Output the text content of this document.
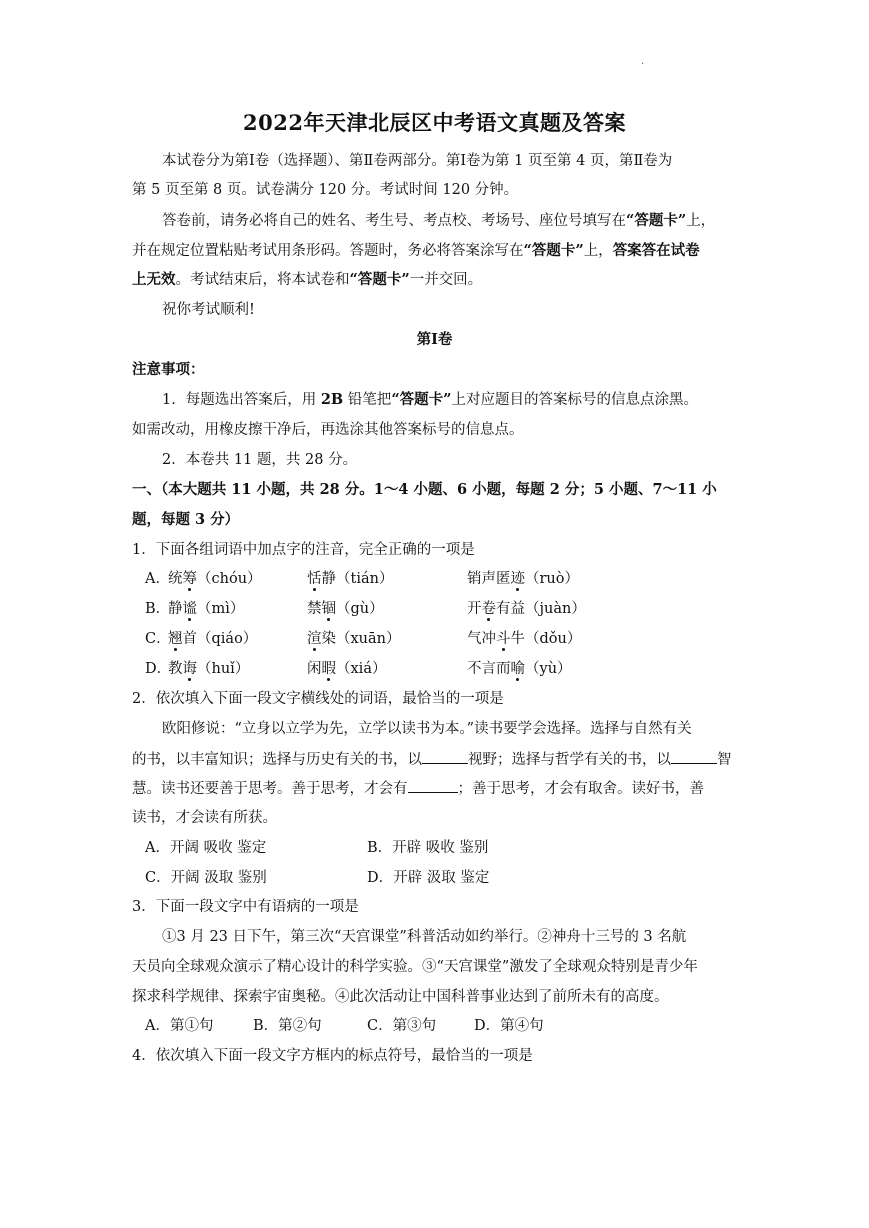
.
2022年天津北辰区中考语文真题及答案
本试卷分为第Ⅰ卷（选择题）、第Ⅱ卷两部分。第Ⅰ卷为第 1 页至第 4 页，第Ⅱ卷为
第 5 页至第 8 页。试卷满分 120 分。考试时间 120 分钟。
答卷前，请务必将自己的姓名、考生号、考点校、考场号、座位号填写在“答题卡”上，
并在规定位置粘贴考试用条形码。答题时，务必将答案涂写在“答题卡”上，答案答在试卷
上无效。考试结束后，将本试卷和“答题卡”一并交回。
祝你考试顺利!
第Ⅰ卷
注意事项：
1．每题选出答案后，用 2B 铅笔把“答题卡”上对应题目的答案标号的信息点涂黑。
如需改动，用橡皮擦干净后，再选涂其他答案标号的信息点。
2．本卷共 11 题，共 28 分。
一、（本大题共 11 小题，共 28 分。1～4 小题、6 小题，每题 2 分；5 小题、7～11 小
题，每题 3 分）
1．下面各组词语中加点字的注音，完全正确的一项是
A．
统筹（chóu）	恬静（tián）	销声匿迹（ruò）
B．
静谧（mì）	禁锢（gù）	开卷有益（juàn）
C．
翘首（qiáo）	渲染（xuān）	气冲斗牛（dǒu）
D．
教诲（huǐ）	闲暇（xiá）	不言而喻（yù）
2．依次填入下面一段文字横线处的词语，最恰当的一项是
欧阳修说：“立身以立学为先，立学以读书为本。”读书要学会选择。选择与自然有关
的书，以丰富知识；选择与历史有关的书，以	视野；选择与哲学有关的书，以	智
慧。读书还要善于思考。善于思考，才会有	；善于思考，才会有取舍。读好书，善
读书，才会读有所获。
A．开阔 吸收 鉴定	B．开辟 吸收 鉴别
C．开阔 汲取 鉴别	D．开辟 汲取 鉴定
3．下面一段文字中有语病的一项是
①3 月 23 日下午，第三次“天宫课堂”科普活动如约举行。②神舟十三号的 3 名航
天员向全球观众演示了精心设计的科学实验。③“天宫课堂”激发了全球观众特别是青少年
探求科学规律、探索宇宙奥秘。④此次活动让中国科普事业达到了前所未有的高度。
A．第①句	B．第②句	C．第③句	D．第④句
4．依次填入下面一段文字方框内的标点符号，最恰当的一项是
